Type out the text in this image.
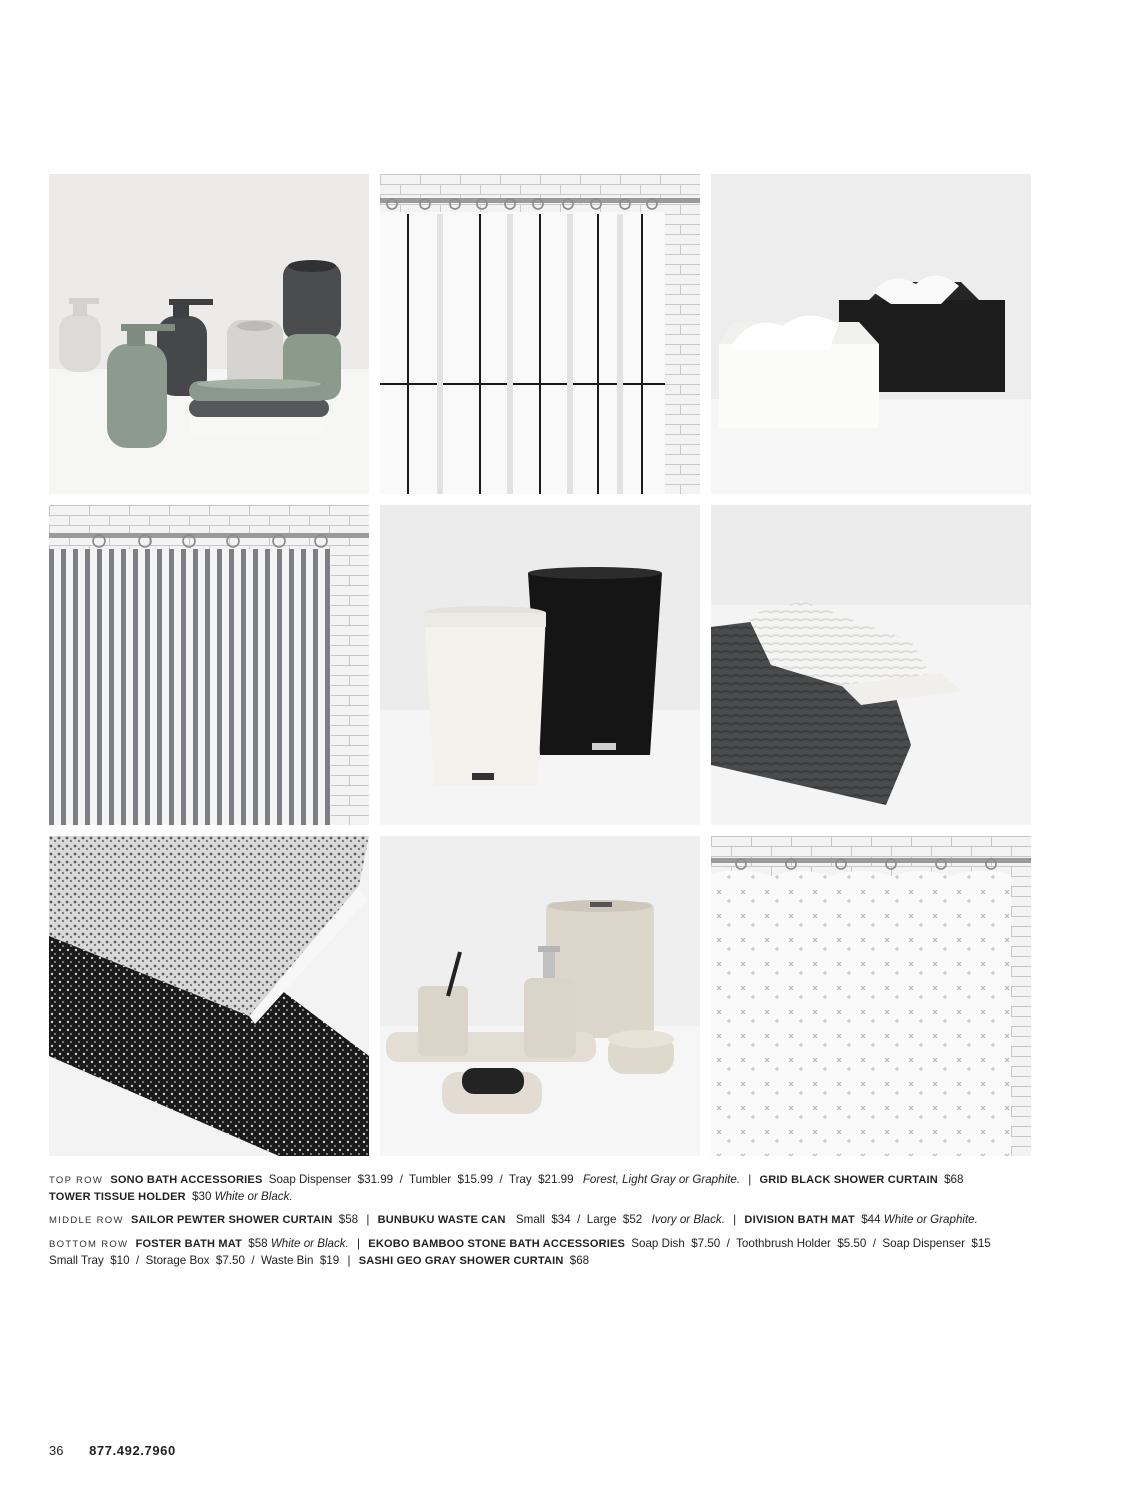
TOP ROW SONO BATH ACCESSORIES Soap Dispenser  $31.99  /  Tumbler  $15.99  /  Tray  $21.99 Forest, Light Gray or Graphite. | GRID BLACK SHOWER CURTAIN $68
TOWER TISSUE HOLDER $30 White or Black.

MIDDLE ROW SAILOR PEWTER SHOWER CURTAIN $58 | BUNBUKU WASTE CAN Small  $34  /  Large  $52 Ivory or Black. | DIVISION BATH MAT $44 White or Graphite.

BOTTOM ROW FOSTER BATH MAT $58 White or Black. | EKOBO BAMBOO STONE BATH ACCESSORIES Soap Dish  $7.50  /  Toothbrush Holder  $5.50  /  Soap Dispenser  $15
Small Tray  $10  /  Storage Box  $7.50  /  Waste Bin  $19 | SASHI GEO GRAY SHOWER CURTAIN $68

36 877.492.7960
